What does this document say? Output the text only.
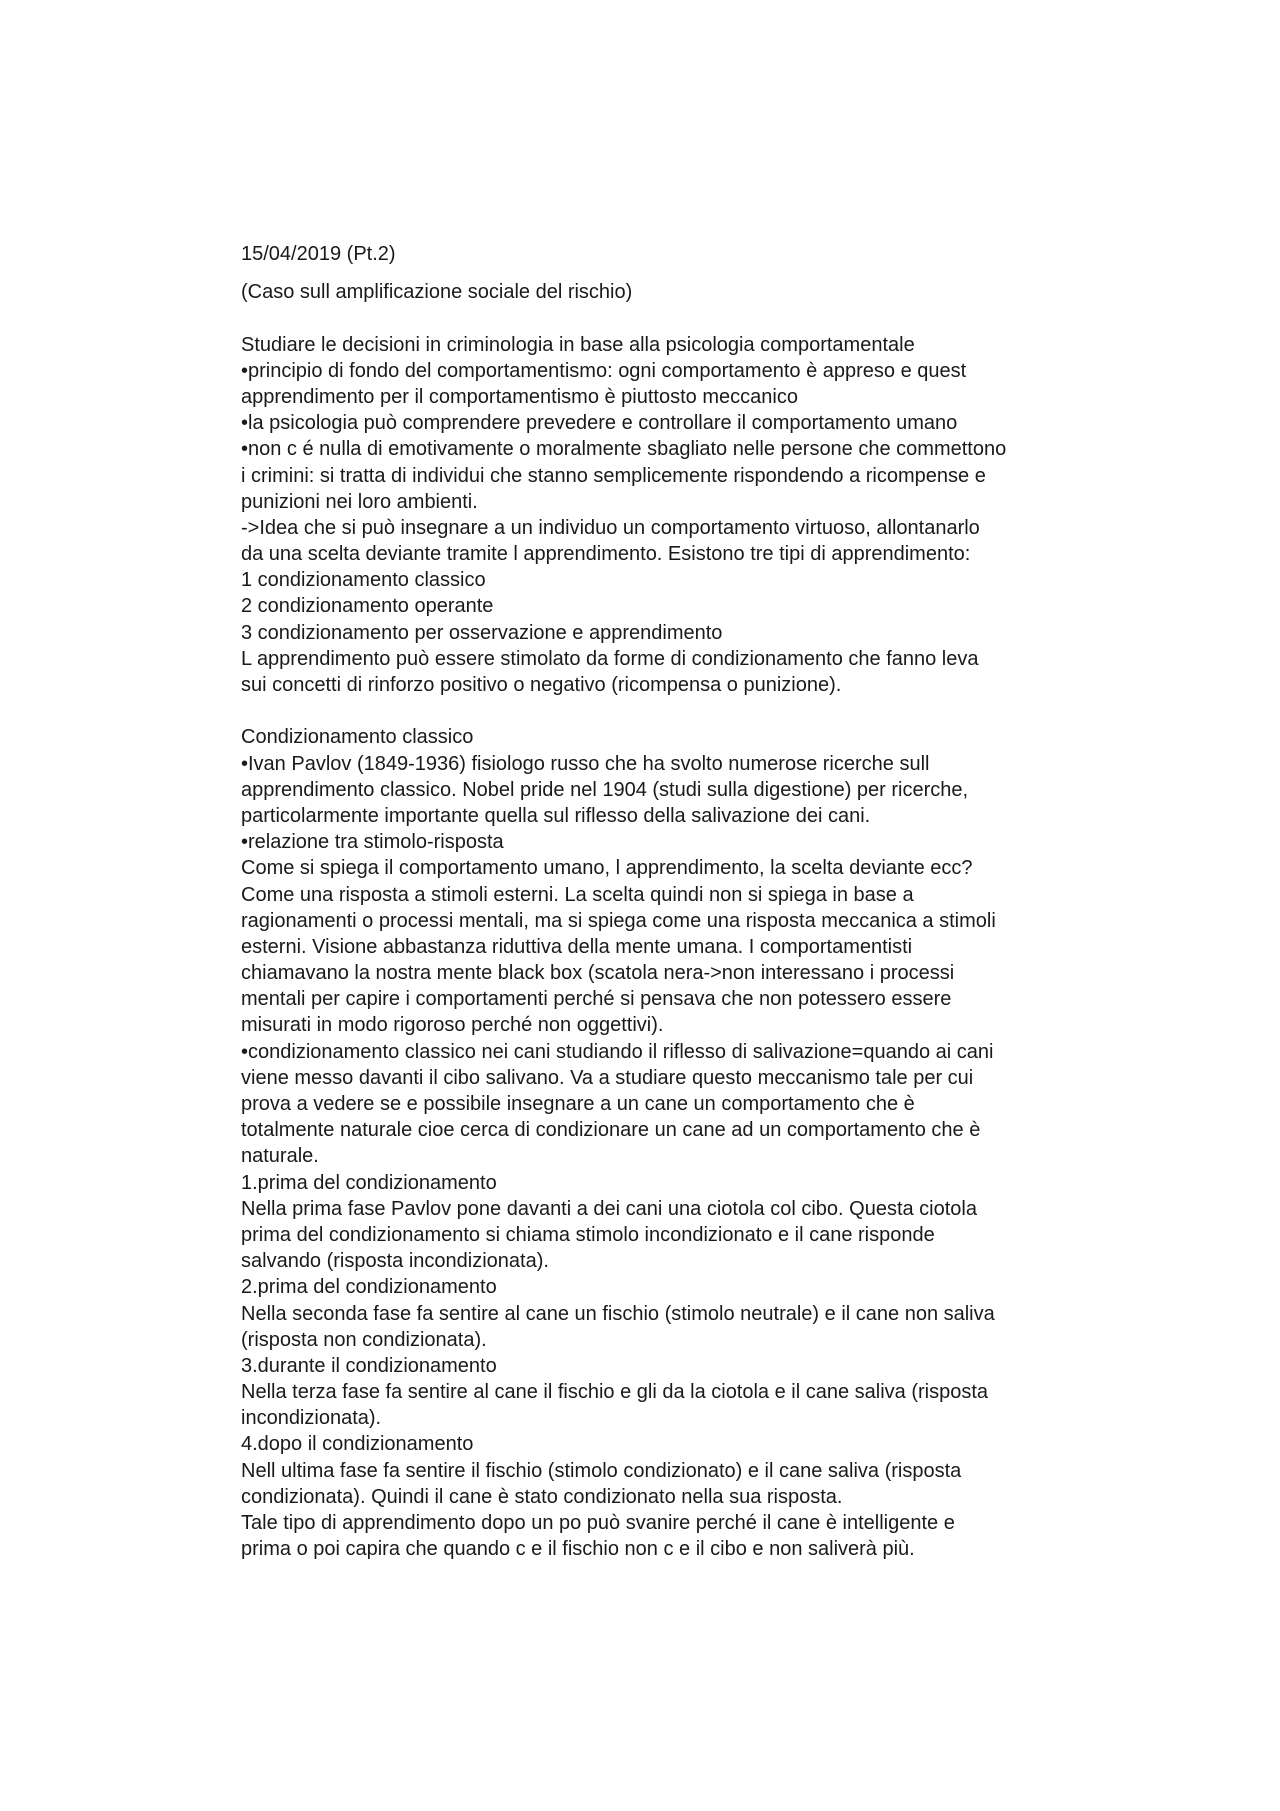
15/04/2019 (Pt.2)
(Caso sull amplificazione sociale del rischio)
Studiare le decisioni in criminologia in base alla psicologia comportamentale
•principio di fondo del comportamentismo: ogni comportamento è appreso e quest
apprendimento per il comportamentismo è piuttosto meccanico
•la psicologia può comprendere prevedere e controllare il comportamento umano
•non c é nulla di emotivamente o moralmente sbagliato nelle persone che commettono
i crimini: si tratta di individui che stanno semplicemente rispondendo a ricompense e
punizioni nei loro ambienti.
->Idea che si può insegnare a un individuo un comportamento virtuoso, allontanarlo
da una scelta deviante tramite l apprendimento. Esistono tre tipi di apprendimento:
1 condizionamento classico
2 condizionamento operante
3 condizionamento per osservazione e apprendimento
L apprendimento può essere stimolato da forme di condizionamento che fanno leva
sui concetti di rinforzo positivo o negativo (ricompensa o punizione).
Condizionamento classico
•Ivan Pavlov (1849-1936) fisiologo russo che ha svolto numerose ricerche sull
apprendimento classico. Nobel pride nel 1904 (studi sulla digestione) per ricerche,
particolarmente importante quella sul riflesso della salivazione dei cani.
•relazione tra stimolo-risposta
Come si spiega il comportamento umano, l apprendimento, la scelta deviante ecc?
Come una risposta a stimoli esterni. La scelta quindi non si spiega in base a
ragionamenti o processi mentali, ma si spiega come una risposta meccanica a stimoli
esterni. Visione abbastanza riduttiva della mente umana. I comportamentisti
chiamavano la nostra mente black box (scatola nera->non interessano i processi
mentali per capire i comportamenti perché si pensava che non potessero essere
misurati in modo rigoroso perché non oggettivi).
•condizionamento classico nei cani studiando il riflesso di salivazione=quando ai cani
viene messo davanti il cibo salivano. Va a studiare questo meccanismo tale per cui
prova a vedere se e possibile insegnare a un cane un comportamento che è
totalmente naturale cioe cerca di condizionare un cane ad un comportamento che è
naturale.
1.prima del condizionamento
Nella prima fase Pavlov pone davanti a dei cani una ciotola col cibo. Questa ciotola
prima del condizionamento si chiama stimolo incondizionato e il cane risponde
salvando (risposta incondizionata).
2.prima del condizionamento
Nella seconda fase fa sentire al cane un fischio (stimolo neutrale) e il cane non saliva
(risposta non condizionata).
3.durante il condizionamento
Nella terza fase fa sentire al cane il fischio e gli da la ciotola e il cane saliva (risposta
incondizionata).
4.dopo il condizionamento
Nell ultima fase fa sentire il fischio (stimolo condizionato) e il cane saliva (risposta
condizionata). Quindi il cane è stato condizionato nella sua risposta.
Tale tipo di apprendimento dopo un po può svanire perché il cane è intelligente e
prima o poi capira che quando c e il fischio non c e il cibo e non saliverà più.
